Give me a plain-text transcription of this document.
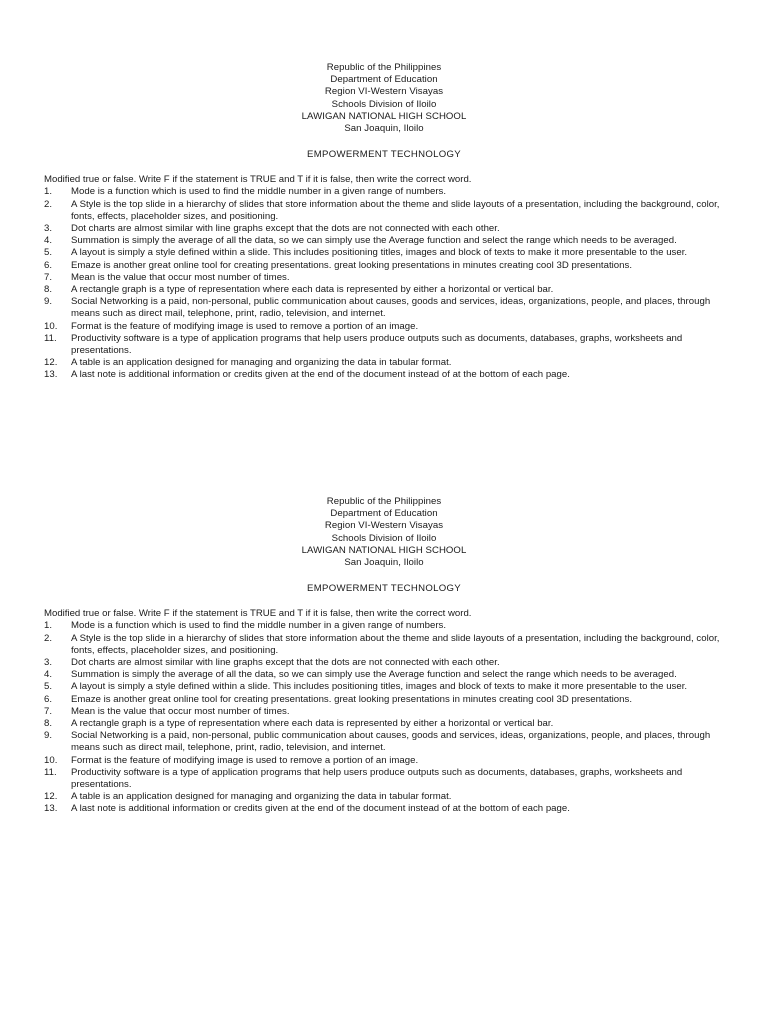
Republic of the Philippines
Department of Education
Region VI-Western Visayas
Schools Division of Iloilo
LAWIGAN NATIONAL HIGH SCHOOL
San Joaquin, Iloilo
EMPOWERMENT TECHNOLOGY
Modified true or false. Write F if the statement is TRUE and T if it is false, then write the correct word.
1. Mode is a function which is used to find the middle number in a given range of numbers.
2. A Style is the top slide in a hierarchy of slides that store information about the theme and slide layouts of a presentation, including the background, color, fonts, effects, placeholder sizes, and positioning.
3. Dot charts are almost similar with line graphs except that the dots are not connected with each other.
4. Summation is simply the average of all the data, so we can simply use the Average function and select the range which needs to be averaged.
5. A layout is simply a style defined within a slide. This includes positioning titles, images and block of texts to make it more presentable to the user.
6. Emaze is another great online tool for creating presentations. great looking presentations in minutes creating cool 3D presentations.
7. Mean is the value that occur most number of times.
8. A rectangle graph is a type of representation where each data is represented by either a horizontal or vertical bar.
9. Social Networking is a paid, non-personal, public communication about causes, goods and services, ideas, organizations, people, and places, through means such as direct mail, telephone, print, radio, television, and internet.
10. Format is the feature of modifying image is used to remove a portion of an image.
11. Productivity software is a type of application programs that help users produce outputs such as documents, databases, graphs, worksheets and presentations.
12. A table is an application designed for managing and organizing the data in tabular format.
13. A last note is additional information or credits given at the end of the document instead of at the bottom of each page.
Republic of the Philippines
Department of Education
Region VI-Western Visayas
Schools Division of Iloilo
LAWIGAN NATIONAL HIGH SCHOOL
San Joaquin, Iloilo
EMPOWERMENT TECHNOLOGY
Modified true or false. Write F if the statement is TRUE and T if it is false, then write the correct word.
1. Mode is a function which is used to find the middle number in a given range of numbers.
2. A Style is the top slide in a hierarchy of slides that store information about the theme and slide layouts of a presentation, including the background, color, fonts, effects, placeholder sizes, and positioning.
3. Dot charts are almost similar with line graphs except that the dots are not connected with each other.
4. Summation is simply the average of all the data, so we can simply use the Average function and select the range which needs to be averaged.
5. A layout is simply a style defined within a slide. This includes positioning titles, images and block of texts to make it more presentable to the user.
6. Emaze is another great online tool for creating presentations. great looking presentations in minutes creating cool 3D presentations.
7. Mean is the value that occur most number of times.
8. A rectangle graph is a type of representation where each data is represented by either a horizontal or vertical bar.
9. Social Networking is a paid, non-personal, public communication about causes, goods and services, ideas, organizations, people, and places, through means such as direct mail, telephone, print, radio, television, and internet.
10. Format is the feature of modifying image is used to remove a portion of an image.
11. Productivity software is a type of application programs that help users produce outputs such as documents, databases, graphs, worksheets and presentations.
12. A table is an application designed for managing and organizing the data in tabular format.
13. A last note is additional information or credits given at the end of the document instead of at the bottom of each page.
